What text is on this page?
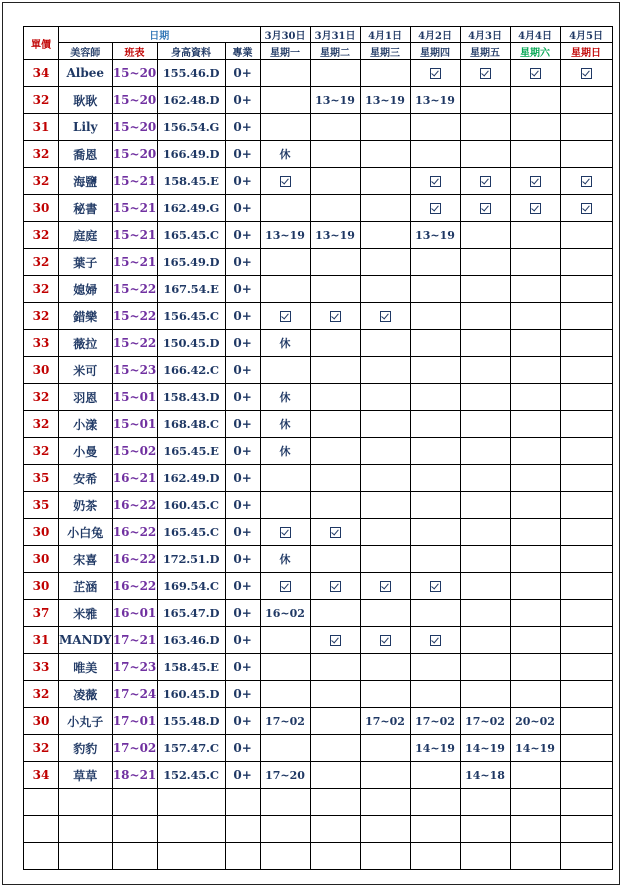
單價	日期				3月30日	3月31日	4月1日	4月2日	4月3日	4月4日	4月5日
	美容師	班表	身高資料	專業	星期一	星期二	星期三	星期四	星期五	星期六	星期日
34	Albee	15~20	155.46.D	0+							
32	耿耿	15~20	162.48.D	0+		13~19	13~19	13~19			
31	Lily	15~20	156.54.G	0+							
32	喬恩	15~20	166.49.D	0+	休						
32	海鹽	15~21	158.45.E	0+							
30	秘書	15~21	162.49.G	0+							
32	庭庭	15~21	165.45.C	0+	13~19	13~19		13~19			
32	葉子	15~21	165.49.D	0+							
32	媳婦	15~22	167.54.E	0+							
32	錯樂	15~22	156.45.C	0+							
33	薇拉	15~22	150.45.D	0+	休						
30	米可	15~23	166.42.C	0+							
32	羽恩	15~01	158.43.D	0+	休						
32	小漾	15~01	168.48.C	0+	休						
32	小曼	15~02	165.45.E	0+	休						
35	安希	16~21	162.49.D	0+							
35	奶茶	16~22	160.45.C	0+							
30	小白兔	16~22	165.45.C	0+							
30	宋喜	16~22	172.51.D	0+	休						
30	芷涵	16~22	169.54.C	0+							
37	米雅	16~01	165.47.D	0+	16~02						
31	MANDY	17~21	163.46.D	0+							
33	唯美	17~23	158.45.E	0+							
32	凌薇	17~24	160.45.D	0+							
30	小丸子	17~01	155.48.D	0+	17~02		17~02	17~02	17~02	20~02	
32	豹豹	17~02	157.47.C	0+				14~19	14~19	14~19	
34	草草	18~21	152.45.C	0+	17~20				14~18		
